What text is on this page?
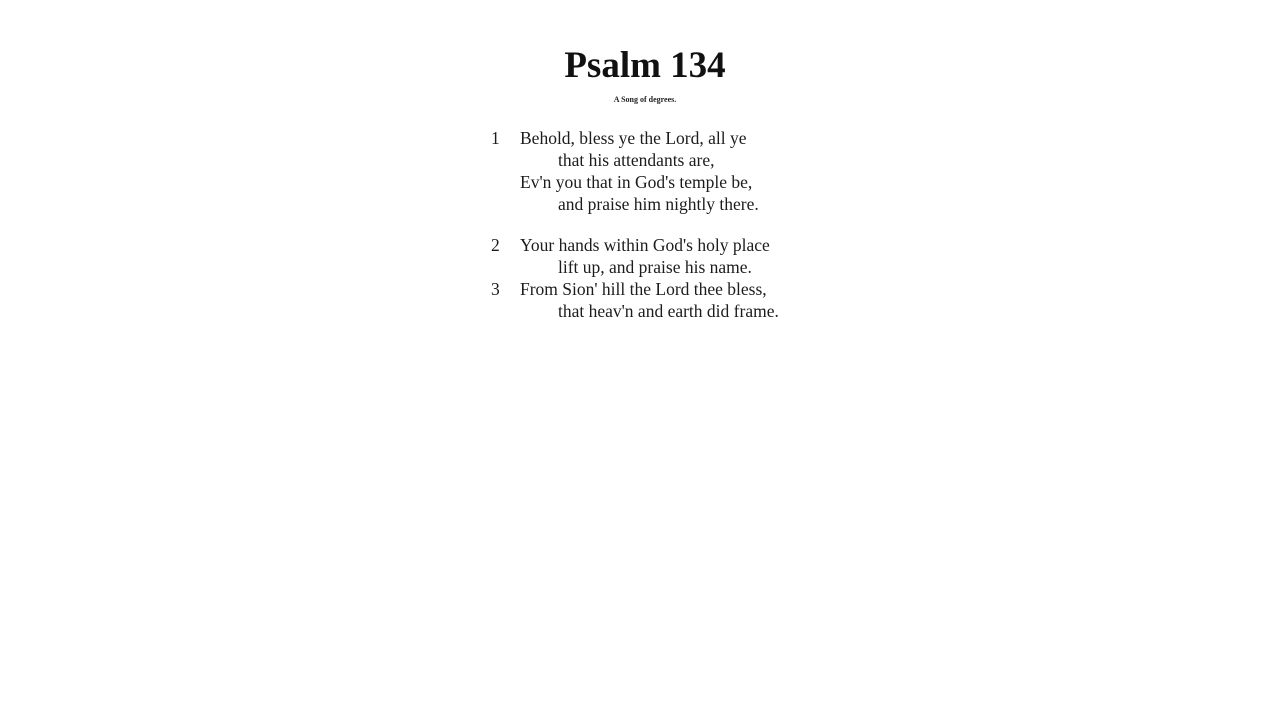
Psalm 134
A Song of degrees.
1 Behold, bless ye the Lord, all ye
that his attendants are,
Ev'n you that in God's temple be,
and praise him nightly there.
2 Your hands within God's holy place
lift up, and praise his name.
3 From Sion' hill the Lord thee bless,
that heav'n and earth did frame.
